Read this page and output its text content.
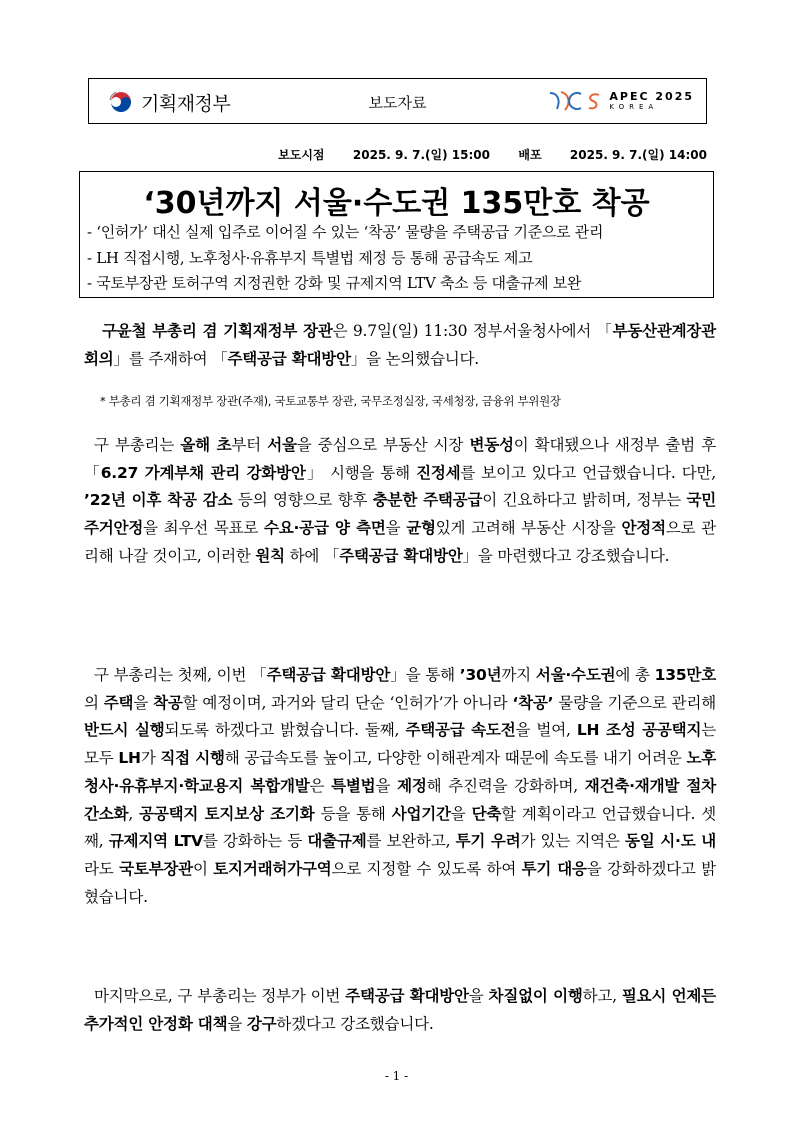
기획재정부	보도자료	APEC 2025
KOREA
보도시점 2025. 9. 7.(일) 15:00 배포 2025. 9. 7.(일) 14:00
‘30년까지 서울·수도권 135만호 착공
- ‘인허가’ 대신 실제 입주로 이어질 수 있는 ‘착공’ 물량을 주택공급 기준으로 관리
- LH 직접시행, 노후청사·유휴부지 특별법 제정 등 통해 공급속도 제고
- 국토부장관 토허구역 지정권한 강화 및 규제지역 LTV 축소 등 대출규제 보완
구윤철 부총리 겸 기획재정부 장관은 9.7일(일) 11:30 정부서울청사에서 「부동산관계장관회의」를 주재하여 「주택공급 확대방안」을 논의했습니다.
* 부총리 겸 기획재정부 장관(주재), 국토교통부 장관, 국무조정실장, 국세청장, 금융위 부위원장
구 부총리는 올해 초부터 서울을 중심으로 부동산 시장 변동성이 확대됐으나 새정부 출범 후 「6.27 가계부채 관리 강화방안」 시행을 통해 진정세를 보이고 있다고 언급했습니다. 다만, ’22년 이후 착공 감소 등의 영향으로 향후 충분한 주택공급이 긴요하다고 밝히며, 정부는 국민 주거안정을 최우선 목표로 수요·공급 양 측면을 균형있게 고려해 부동산 시장을 안정적으로 관리해 나갈 것이고, 이러한 원칙 하에 「주택공급 확대방안」을 마련했다고 강조했습니다.
구 부총리는 첫째, 이번 「주택공급 확대방안」을 통해 ’30년까지 서울·수도권에 총 135만호의 주택을 착공할 예정이며, 과거와 달리 단순 ‘인허가’가 아니라 ‘착공’ 물량을 기준으로 관리해 반드시 실행되도록 하겠다고 밝혔습니다. 둘째, 주택공급 속도전을 벌여, LH 조성 공공택지는 모두 LH가 직접 시행해 공급속도를 높이고, 다양한 이해관계자 때문에 속도를 내기 어려운 노후청사·유휴부지·학교용지 복합개발은 특별법을 제정해 추진력을 강화하며, 재건축·재개발 절차 간소화, 공공택지 토지보상 조기화 등을 통해 사업기간을 단축할 계획이라고 언급했습니다. 셋째, 규제지역 LTV를 강화하는 등 대출규제를 보완하고, 투기 우려가 있는 지역은 동일 시·도 내라도 국토부장관이 토지거래허가구역으로 지정할 수 있도록 하여 투기 대응을 강화하겠다고 밝혔습니다.
마지막으로, 구 부총리는 정부가 이번 주택공급 확대방안을 차질없이 이행하고, 필요시 언제든 추가적인 안정화 대책을 강구하겠다고 강조했습니다.
- 1 -
